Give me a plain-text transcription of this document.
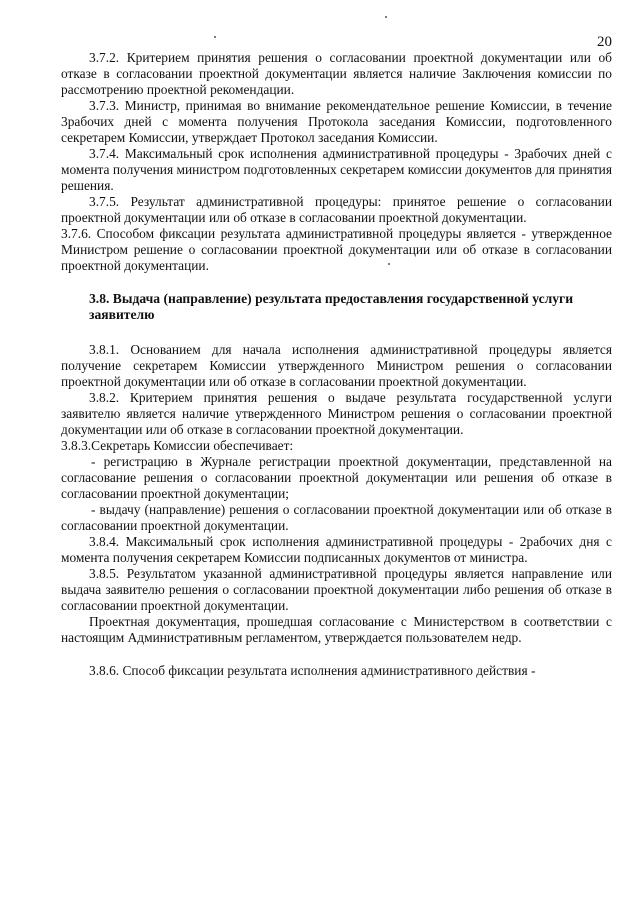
20

3.7.2. Критерием принятия решения о согласовании проектной документации или об отказе в согласовании проектной документации является наличие Заключения комиссии по рассмотрению проектной рекомендации.

3.7.3. Министр, принимая во внимание рекомендательное решение Комиссии, в течение 3рабочих дней с момента получения Протокола заседания Комиссии, подготовленного секретарем Комиссии, утверждает Протокол заседания Комиссии.

3.7.4. Максимальный срок исполнения административной процедуры - 3рабочих дней с момента получения министром подготовленных секретарем комиссии документов для принятия решения.

3.7.5. Результат административной процедуры: принятое решение о согласовании проектной документации или об отказе в согласовании проектной документации.

3.7.6. Способом фиксации результата административной процедуры является - утвержденное Министром решение о согласовании проектной документации или об отказе в согласовании проектной документации.

3.8. Выдача (направление) результата предоставления государственной услуги заявителю

3.8.1. Основанием для начала исполнения административной процедуры является получение секретарем Комиссии утвержденного Министром решения о согласовании проектной документации или об отказе в согласовании проектной документации.

3.8.2. Критерием принятия решения о выдаче результата государственной услуги заявителю является наличие утвержденного Министром решения о согласовании проектной документации или об отказе в согласовании проектной документации.

3.8.3.Секретарь Комиссии обеспечивает:

- регистрацию в Журнале регистрации проектной документации, представленной на согласование решения о согласовании проектной документации или решения об отказе в согласовании проектной документации;

- выдачу (направление) решения о согласовании проектной документации или об отказе в согласовании проектной документации.

3.8.4. Максимальный срок исполнения административной процедуры - 2рабочих дня с момента получения секретарем Комиссии подписанных документов от министра.

3.8.5. Результатом указанной административной процедуры является направление или выдача заявителю решения о согласовании проектной документации либо решения об отказе в согласовании проектной документации.

Проектная документация, прошедшая согласование с Министерством в соответствии с настоящим Административным регламентом, утверждается пользователем недр.

3.8.6. Способ фиксации результата исполнения административного действия -
